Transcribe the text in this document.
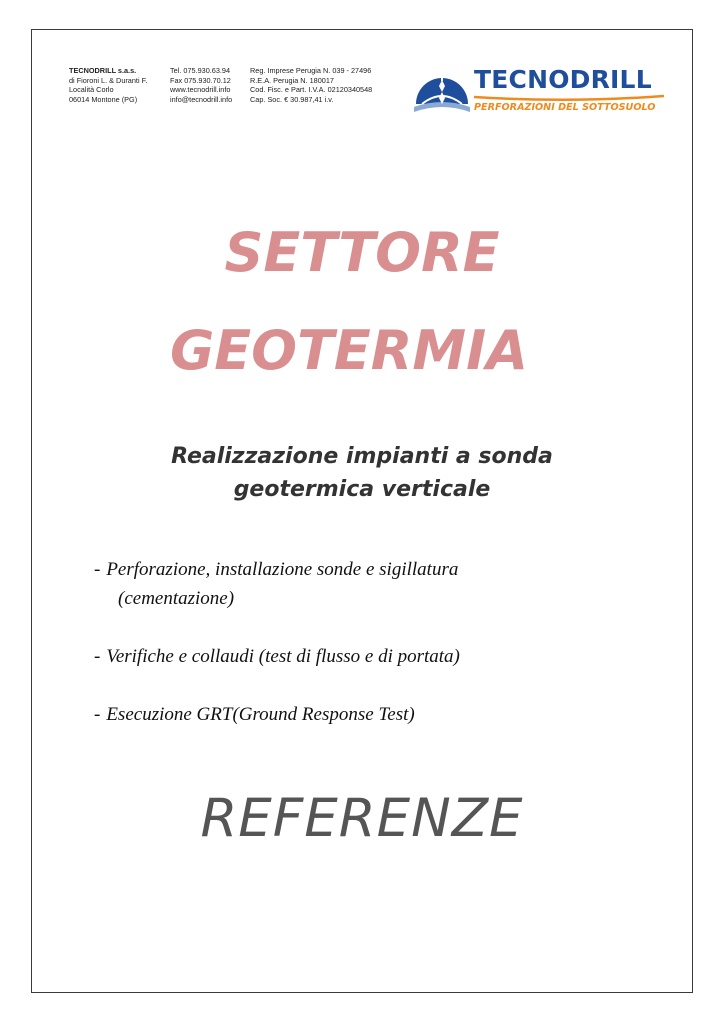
TECNODRILL s.a.s.
di Fioroni L. & Duranti F.
Località Corlo
06014 Montone (PG)
Tel. 075.930.63.94
Fax 075.930.70.12
www.tecnodrill.info
info@tecnodrill.info
Reg. Imprese Perugia N. 039 - 27496
R.E.A. Perugia N. 180017
Cod. Fisc. e Part. I.V.A. 02120340548
Cap. Soc. € 30.987,41 i.v.
TECNODRILL
PERFORAZIONI DEL SOTTOSUOLO
SETTORE
GEOTERMIA
Realizzazione impianti a sonda
geotermica verticale
- Perforazione, installazione sonde e sigillatura
(cementazione)
- Verifiche e collaudi (test di flusso e di portata)
- Esecuzione GRT(Ground Response Test)
REFERENZE
